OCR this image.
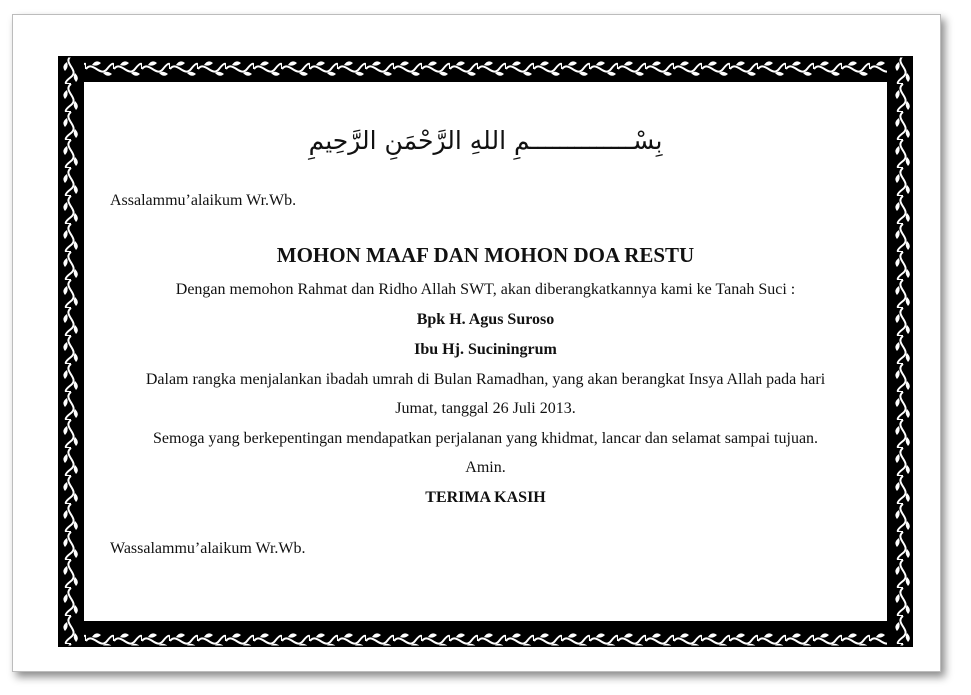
بِسْــــــــــــــمِ اللهِ الرَّحْمَنِ الرَّحِيمِ
Assalammu’alaikum Wr.Wb.
MOHON MAAF DAN MOHON DOA RESTU
Dengan memohon Rahmat dan Ridho Allah SWT, akan diberangkatkannya kami ke Tanah Suci :
Bpk H. Agus Suroso
Ibu Hj. Suciningrum
Dalam rangka menjalankan ibadah umrah di Bulan Ramadhan, yang akan berangkat Insya Allah pada hari
Jumat, tanggal 26 Juli 2013.
Semoga yang berkepentingan mendapatkan perjalanan yang khidmat, lancar dan selamat sampai tujuan.
Amin.
TERIMA KASIH
Wassalammu’alaikum Wr.Wb.
